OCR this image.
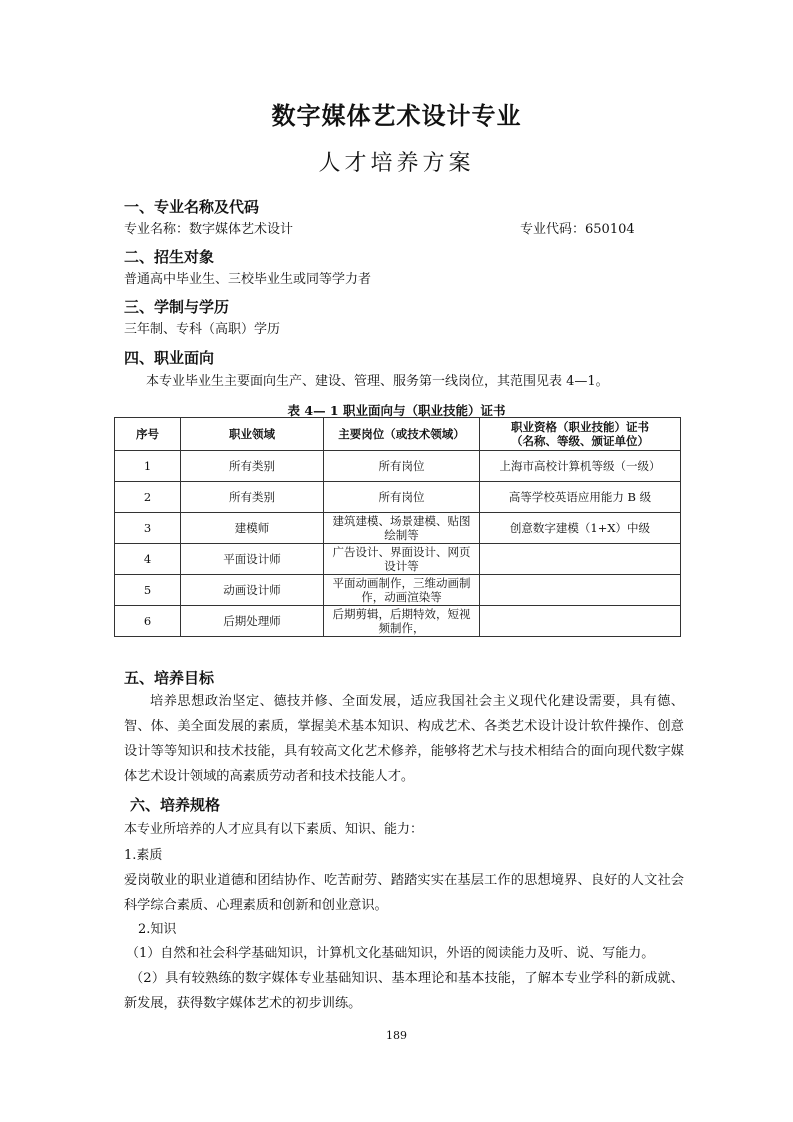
数字媒体艺术设计专业
人才培养方案
一、专业名称及代码
专业名称：数字媒体艺术设计	专业代码：650104
二、招生对象
普通高中毕业生、三校毕业生或同等学力者
三、学制与学历
三年制、专科（高职）学历
四、职业面向
本专业毕业生主要面向生产、建设、管理、服务第一线岗位，其范围见表 4—1。
表 4— 1 职业面向与（职业技能）证书
序号	职业领域	主要岗位（或技术领域）	职业资格（职业技能）证书
（名称、等级、颁证单位）

1	所有类别	所有岗位	上海市高校计算机等级（一级）
2	所有类别	所有岗位	高等学校英语应用能力 B 级
3	建模师	建筑建模、场景建模、贴图绘制等	创意数字建模（1+X）中级
4	平面设计师	广告设计、界面设计、网页设计等	
5	动画设计师	平面动画制作，三维动画制作，动画渲染等	
6	后期处理师	后期剪辑，后期特效，短视频制作，	
五、培养目标
培养思想政治坚定、德技并修、全面发展，适应我国社会主义现代化建设需要，具有德、智、体、美全面发展的素质，掌握美术基本知识、构成艺术、各类艺术设计设计软件操作、创意设计等等知识和技术技能，具有较高文化艺术修养，能够将艺术与技术相结合的面向现代数字媒体艺术设计领域的高素质劳动者和技术技能人才。
六、培养规格
本专业所培养的人才应具有以下素质、知识、能力：
1.素质
爱岗敬业的职业道德和团结协作、吃苦耐劳、踏踏实实在基层工作的思想境界、良好的人文社会科学综合素质、心理素质和创新和创业意识。
2.知识
（1）自然和社会科学基础知识，计算机文化基础知识，外语的阅读能力及听、说、写能力。
（2）具有较熟练的数字媒体专业基础知识、基本理论和基本技能，了解本专业学科的新成就、新发展，获得数字媒体艺术的初步训练。
189
